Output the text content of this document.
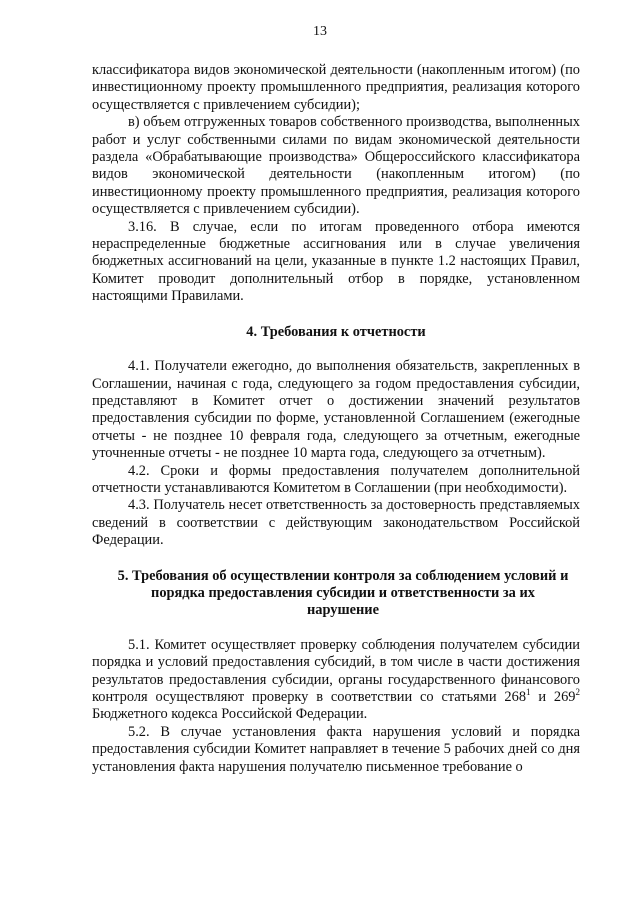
13

классификатора видов экономической деятельности (накопленным итогом) (по инвестиционному проекту промышленного предприятия, реализация которого осуществляется с привлечением субсидии);

в) объем отгруженных товаров собственного производства, выполненных работ и услуг собственными силами по видам экономической деятельности раздела «Обрабатывающие производства» Общероссийского классификатора видов экономической деятельности (накопленным итогом) (по инвестиционному проекту промышленного предприятия, реализация которого осуществляется с привлечением субсидии).

3.16. В случае, если по итогам проведенного отбора имеются нераспределенные бюджетные ассигнования или в случае увеличения бюджетных ассигнований на цели, указанные в пункте 1.2 настоящих Правил, Комитет проводит дополнительный отбор в порядке, установленном настоящими Правилами.

4. Требования к отчетности

4.1. Получатели ежегодно, до выполнения обязательств, закрепленных в Соглашении, начиная с года, следующего за годом предоставления субсидии, представляют в Комитет отчет о достижении значений результатов предоставления субсидии по форме, установленной Соглашением (ежегодные отчеты - не позднее 10 февраля года, следующего за отчетным, ежегодные уточненные отчеты - не позднее 10 марта года, следующего за отчетным).

4.2. Сроки и формы предоставления получателем дополнительной отчетности устанавливаются Комитетом в Соглашении (при необходимости).

4.3. Получатель несет ответственность за достоверность представляемых сведений в соответствии с действующим законодательством Российской Федерации.

5. Требования об осуществлении контроля за соблюдением условий и порядка предоставления субсидии и ответственности за их нарушение

5.1. Комитет осуществляет проверку соблюдения получателем субсидии порядка и условий предоставления субсидий, в том числе в части достижения результатов предоставления субсидии, органы государственного финансового контроля осуществляют проверку в соответствии со статьями $268^1$ и $269^2$ Бюджетного кодекса Российской Федерации.

5.2. В случае установления факта нарушения условий и порядка предоставления субсидии Комитет направляет в течение 5 рабочих дней со дня установления факта нарушения получателю письменное требование о
